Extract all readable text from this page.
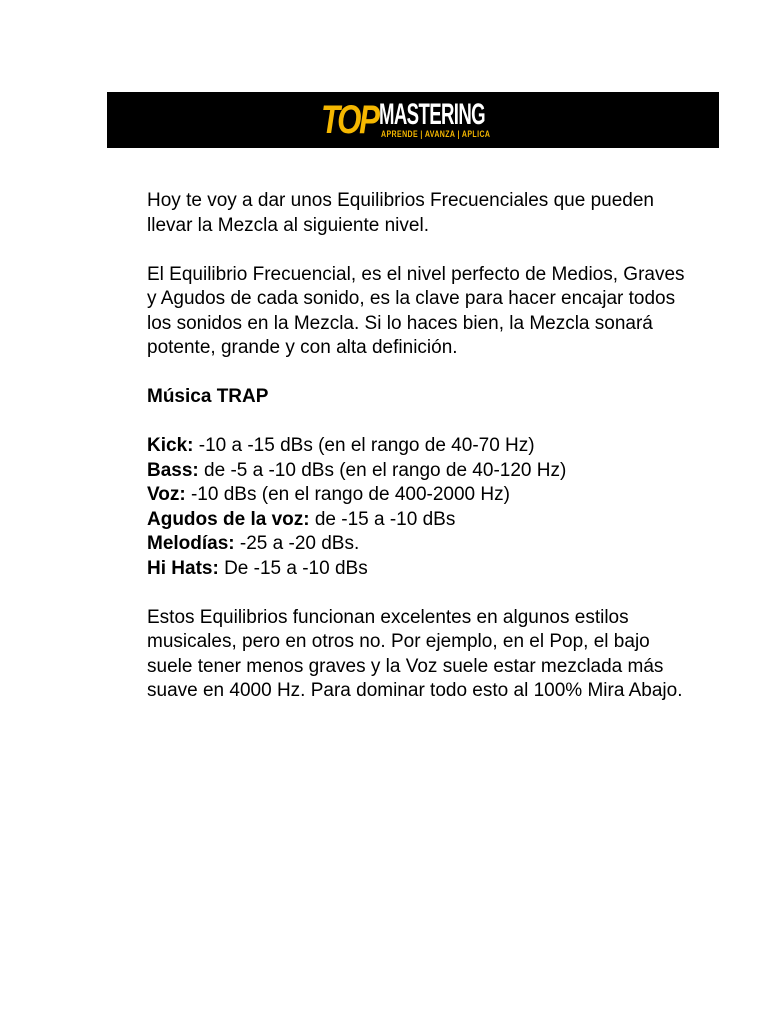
TOP MASTERING
APRENDE | AVANZA | APLICA

Hoy te voy a dar unos Equilibrios Frecuenciales que pueden llevar la Mezcla al siguiente nivel.

El Equilibrio Frecuencial, es el nivel perfecto de Medios, Graves y Agudos de cada sonido, es la clave para hacer encajar todos los sonidos en la Mezcla. Si lo haces bien, la Mezcla sonará potente, grande y con alta definición.

Música TRAP

Kick: -10 a -15 dBs (en el rango de 40-70 Hz)
Bass: de -5 a -10 dBs (en el rango de 40-120 Hz)
Voz: -10 dBs (en el rango de 400-2000 Hz)
Agudos de la voz: de -15 a -10 dBs
Melodías: -25 a -20 dBs.
Hi Hats: De -15 a -10 dBs

Estos Equilibrios funcionan excelentes en algunos estilos musicales, pero en otros no. Por ejemplo, en el Pop, el bajo suele tener menos graves y la Voz suele estar mezclada más suave en 4000 Hz. Para dominar todo esto al 100% Mira Abajo.
